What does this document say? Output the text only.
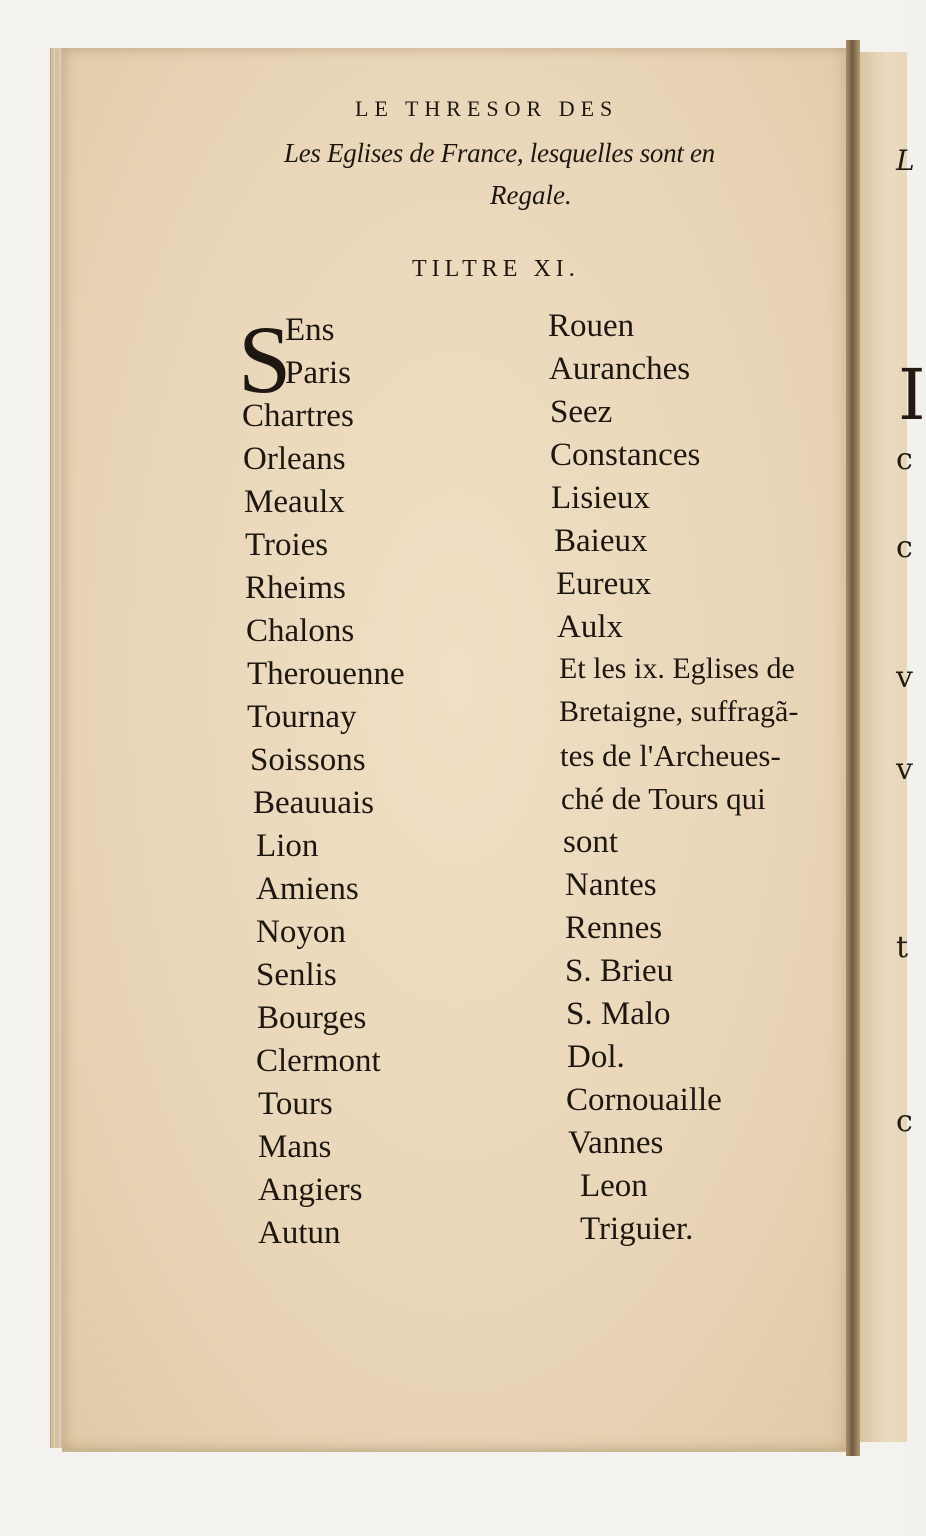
L
I
c
c
v
v
t
c
LE THRESOR DES
Les Eglises de France, lesquelles sont en
Regale.
TILTRE XI.
S
Ens
Paris
Chartres
Orleans
Meaulx
Troies
Rheims
Chalons
Therouenne
Tournay
Soissons
Beauuais
Lion
Amiens
Noyon
Senlis
Bourges
Clermont
Tours
Mans
Angiers
Autun
Rouen
Auranches
Seez
Constances
Lisieux
Baieux
Eureux
Aulx
Et les ix. Eglises de
Bretaigne, suffragã-
tes de l'Archeues-
ché de Tours qui
sont
Nantes
Rennes
S. Brieu
S. Malo
Dol.
Cornouaille
Vannes
Leon
Triguier.
